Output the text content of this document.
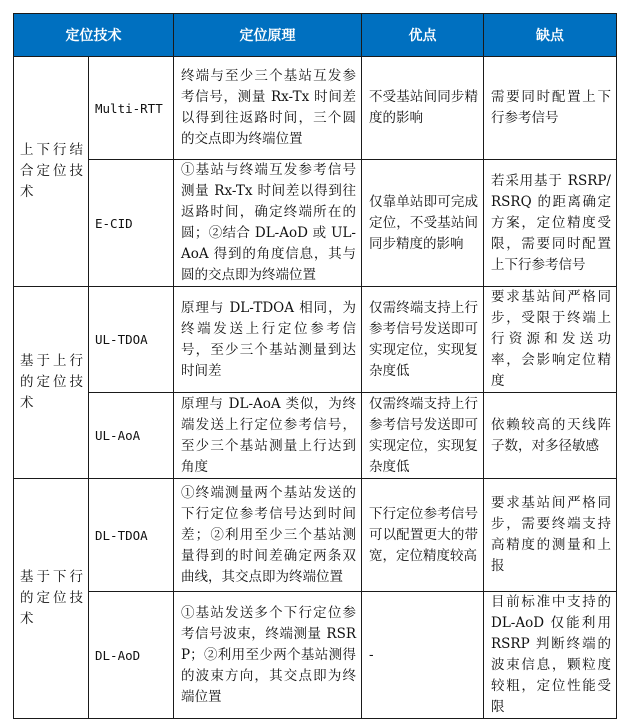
定位技术		定位原理	优点	缺点
上下行结合定位技术	Multi-RTT	终端与至少三个基站互发参考信号，测量 Rx-Tx 时间差以得到往返路时间，三个圆的交点即为终端位置	不受基站间同步精度的影响	需要同时配置上下行参考信号
	E-CID	①基站与终端互发参考信号测量 Rx-Tx 时间差以得到往返路时间，确定终端所在的圆；②结合 DL-AoD 或 UL-AoA 得到的角度信息，其与圆的交点即为终端位置	仅靠单站即可完成定位，不受基站间同步精度的影响	若采用基于 RSRP/RSRQ 的距离确定方案，定位精度受限，需要同时配置上下行参考信号
基于上行的定位技术	UL-TDOA	原理与 DL-TDOA 相同，为终端发送上行定位参考信号，至少三个基站测量到达时间差	仅需终端支持上行参考信号发送即可实现定位，实现复杂度低	要求基站间严格同步，受限于终端上行资源和发送功率，会影响定位精度
	UL-AoA	原理与 DL-AoA 类似，为终端发送上行定位参考信号，至少三个基站测量上行达到角度	仅需终端支持上行参考信号发送即可实现定位，实现复杂度低	依赖较高的天线阵子数，对多径敏感
基于下行的定位技术	DL-TDOA	①终端测量两个基站发送的下行定位参考信号达到时间差；②利用至少三个基站测量得到的时间差确定两条双曲线，其交点即为终端位置	下行定位参考信号可以配置更大的带宽，定位精度较高	要求基站间严格同步，需要终端支持高精度的测量和上报
	DL-AoD	①基站发送多个下行定位参考信号波束，终端测量 RSRP；②利用至少两个基站测得的波束方向，其交点即为终端位置	-	目前标准中支持的 DL-AoD 仅能利用 RSRP 判断终端的波束信息，颗粒度较粗，定位性能受限
